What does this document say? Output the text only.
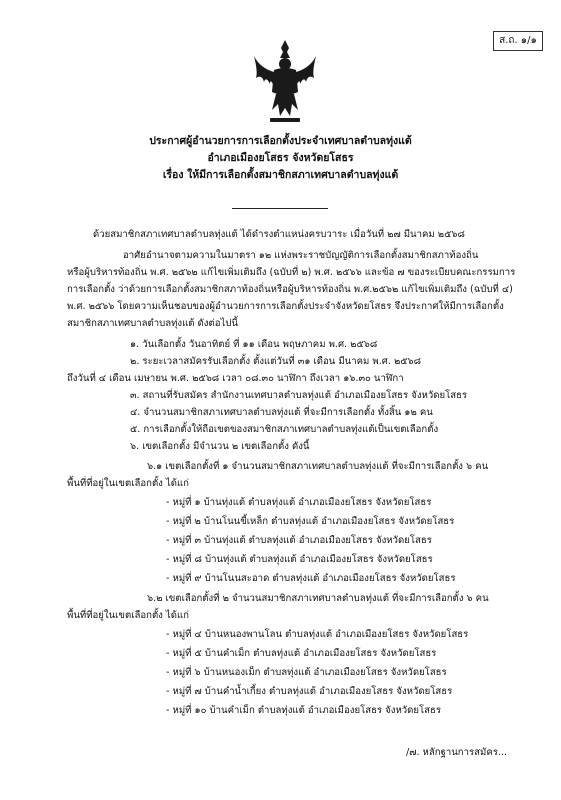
ส.ถ. ๑/๑
ประกาศผู้อำนวยการการเลือกตั้งประจำเทศบาลตำบลทุ่งแต้
อำเภอเมืองยโสธร จังหวัดยโสธร
เรื่อง ให้มีการเลือกตั้งสมาชิกสภาเทศบาลตำบลทุ่งแต้
ด้วยสมาชิกสภาเทศบาลตำบลทุ่งแต้ ได้ดำรงตำแหน่งครบวาระ เมื่อวันที่ ๒๗ มีนาคม ๒๕๖๘
อาศัยอำนาจตามความในมาตรา ๑๒ แห่งพระราชบัญญัติการเลือกตั้งสมาชิกสภาท้องถิ่น
หรือผู้บริหารท้องถิ่น พ.ศ. ๒๕๖๒ แก้ไขเพิ่มเติมถึง (ฉบับที่ ๒) พ.ศ. ๒๕๖๖ และข้อ ๗ ของระเบียบคณะกรรมการ
การเลือกตั้ง ว่าด้วยการเลือกตั้งสมาชิกสภาท้องถิ่นหรือผู้บริหารท้องถิ่น พ.ศ.๒๕๖๒ แก้ไขเพิ่มเติมถึง (ฉบับที่ ๔)
พ.ศ. ๒๕๖๖ โดยความเห็นชอบของผู้อำนวยการการเลือกตั้งประจำจังหวัดยโสธร จึงประกาศให้มีการเลือกตั้ง
สมาชิกสภาเทศบาลตำบลทุ่งแต้ ดังต่อไปนี้
๑. วันเลือกตั้ง วันอาทิตย์ ที่ ๑๑ เดือน พฤษภาคม พ.ศ. ๒๕๖๘
๒. ระยะเวลาสมัครรับเลือกตั้ง ตั้งแต่วันที่ ๓๑ เดือน มีนาคม พ.ศ. ๒๕๖๘
ถึงวันที่ ๔ เดือน เมษายน พ.ศ. ๒๕๖๘ เวลา ๐๘.๓๐ นาฬิกา ถึงเวลา ๑๖.๓๐ นาฬิกา
๓. สถานที่รับสมัคร สำนักงานเทศบาลตำบลทุ่งแต้ อำเภอเมืองยโสธร จังหวัดยโสธร
๔. จำนวนสมาชิกสภาเทศบาลตำบลทุ่งแต้ ที่จะมีการเลือกตั้ง ทั้งสิ้น ๑๒ คน
๕. การเลือกตั้งให้ถือเขตของสมาชิกสภาเทศบาลตำบลทุ่งแต้เป็นเขตเลือกตั้ง
๖. เขตเลือกตั้ง มีจำนวน ๒ เขตเลือกตั้ง ดังนี้
๖.๑ เขตเลือกตั้งที่ ๑ จำนวนสมาชิกสภาเทศบาลตำบลทุ่งแต้ ที่จะมีการเลือกตั้ง ๖ คน
พื้นที่ที่อยู่ในเขตเลือกตั้ง ได้แก่
- หมู่ที่ ๑ บ้านทุ่งแต้ ตำบลทุ่งแต้ อำเภอเมืองยโสธร จังหวัดยโสธร
- หมู่ที่ ๒ บ้านโนนขี้เหล็ก ตำบลทุ่งแต้ อำเภอเมืองยโสธร จังหวัดยโสธร
- หมู่ที่ ๓ บ้านทุ่งแต้ ตำบลทุ่งแต้ อำเภอเมืองยโสธร จังหวัดยโสธร
- หมู่ที่ ๘ บ้านทุ่งแต้ ตำบลทุ่งแต้ อำเภอเมืองยโสธร จังหวัดยโสธร
- หมู่ที่ ๙ บ้านโนนสะอาด ตำบลทุ่งแต้ อำเภอเมืองยโสธร จังหวัดยโสธร
๖.๒ เขตเลือกตั้งที่ ๒ จำนวนสมาชิกสภาเทศบาลตำบลทุ่งแต้ ที่จะมีการเลือกตั้ง ๖ คน
พื้นที่ที่อยู่ในเขตเลือกตั้ง ได้แก่
- หมู่ที่ ๔ บ้านหนองพานโลน ตำบลทุ่งแต้ อำเภอเมืองยโสธร จังหวัดยโสธร
- หมู่ที่ ๕ บ้านคำเม็ก ตำบลทุ่งแต้ อำเภอเมืองยโสธร จังหวัดยโสธร
- หมู่ที่ ๖ บ้านหนองเม็ก ตำบลทุ่งแต้ อำเภอเมืองยโสธร จังหวัดยโสธร
- หมู่ที่ ๗ บ้านคำน้ำเกี้ยง ตำบลทุ่งแต้ อำเภอเมืองยโสธร จังหวัดยโสธร
- หมู่ที่ ๑๐ บ้านคำเม็ก ตำบลทุ่งแต้ อำเภอเมืองยโสธร จังหวัดยโสธร
/๗. หลักฐานการสมัคร...
